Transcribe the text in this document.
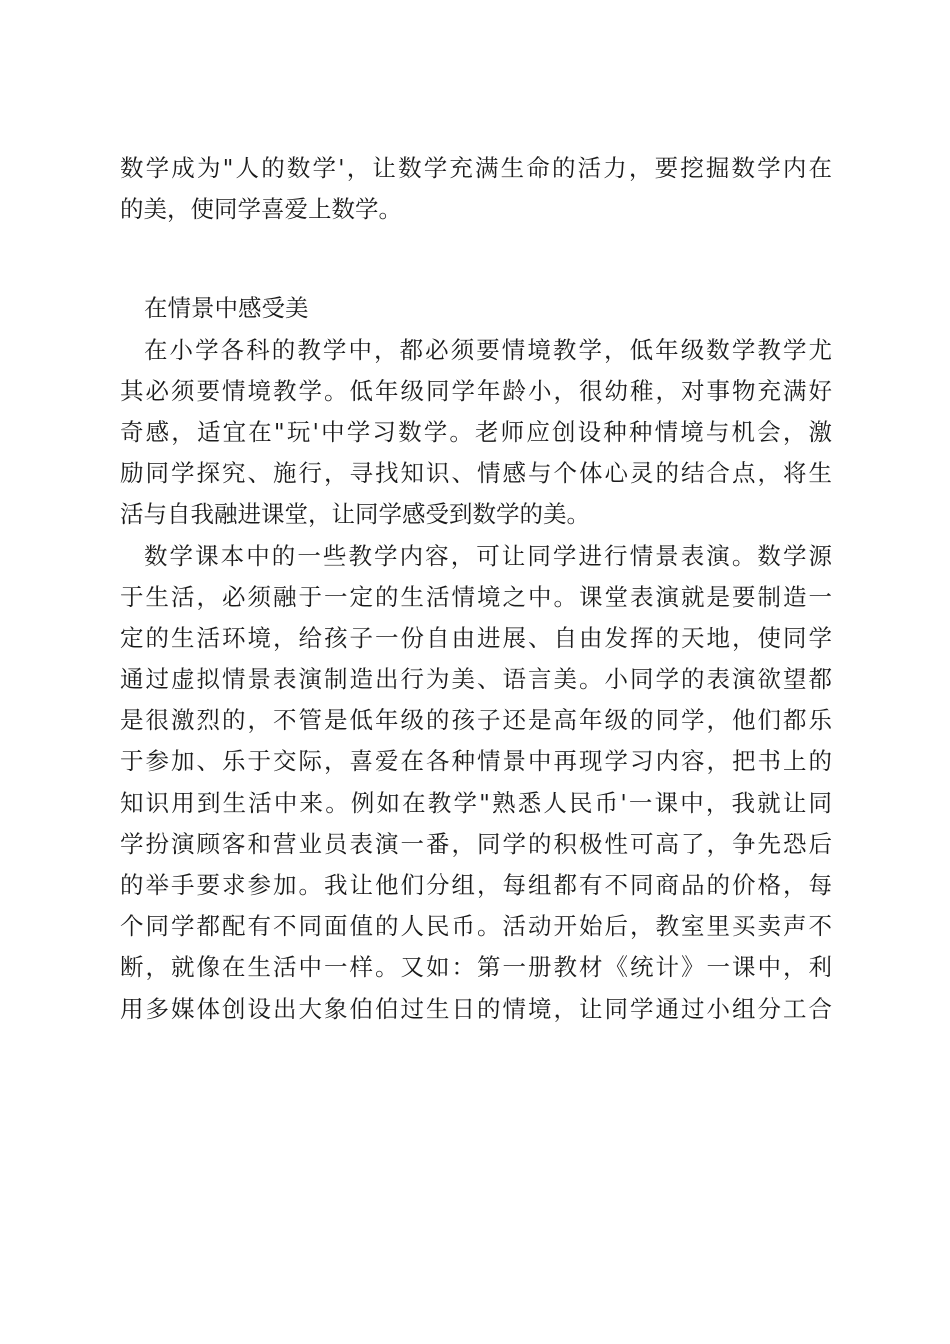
数学成为"人的数学'，让数学充满生命的活力，要挖掘数学内在
的美，使同学喜爱上数学。
在情景中感受美
在小学各科的教学中，都必须要情境教学，低年级数学教学尤
其必须要情境教学。低年级同学年龄小，很幼稚，对事物充满好
奇感，适宜在"玩'中学习数学。老师应创设种种情境与机会，激
励同学探究、施行，寻找知识、情感与个体心灵的结合点，将生
活与自我融进课堂，让同学感受到数学的美。
数学课本中的一些教学内容，可让同学进行情景表演。数学源
于生活，必须融于一定的生活情境之中。课堂表演就是要制造一
定的生活环境，给孩子一份自由进展、自由发挥的天地，使同学
通过虚拟情景表演制造出行为美、语言美。小同学的表演欲望都
是很激烈的，不管是低年级的孩子还是高年级的同学，他们都乐
于参加、乐于交际，喜爱在各种情景中再现学习内容，把书上的
知识用到生活中来。例如在教学"熟悉人民币'一课中，我就让同
学扮演顾客和营业员表演一番，同学的积极性可高了，争先恐后
的举手要求参加。我让他们分组，每组都有不同商品的价格，每
个同学都配有不同面值的人民币。活动开始后，教室里买卖声不
断，就像在生活中一样。又如：第一册教材《统计》一课中，利
用多媒体创设出大象伯伯过生日的情境，让同学通过小组分工合
